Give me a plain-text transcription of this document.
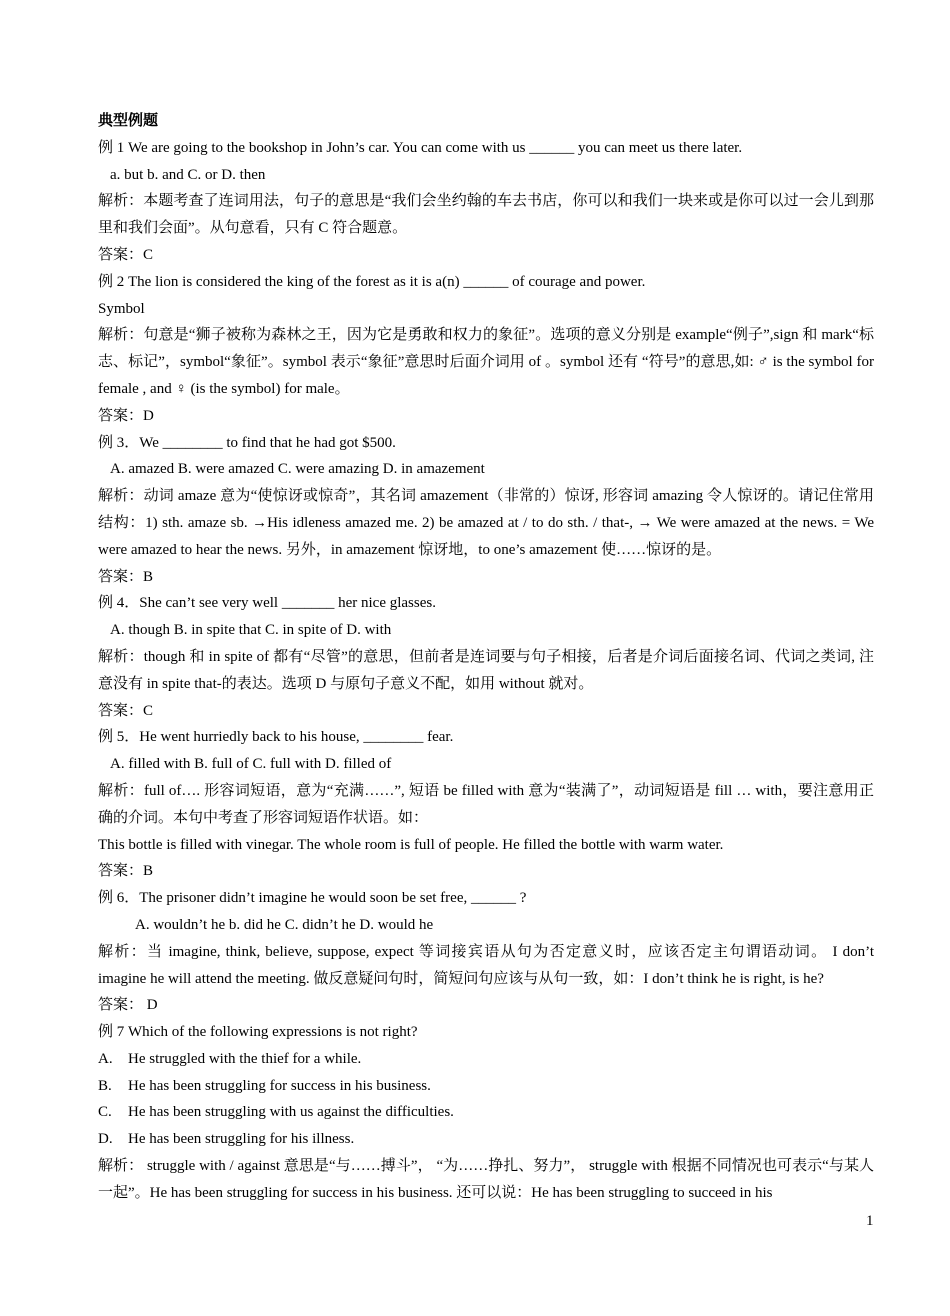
典型例题
例 1 We are going to the bookshop in John’s car. You can come with us ______ you can meet us there later.
a. but b. and C. or D. then
解析：本题考查了连词用法，句子的意思是“我们会坐约翰的车去书店，你可以和我们一块来或是你可以过一会儿到那里和我们会面”。从句意看，只有 C 符合题意。
答案：C
例 2 The lion is considered the king of the forest as it is a(n) ______ of courage and power.
Symbol
解析：句意是“狮子被称为森林之王，因为它是勇敢和权力的象征”。选项的意义分别是 example“例子”,sign 和 mark“标志、标记”，symbol“象征”。symbol 表示“象征”意思时后面介词用 of 。symbol 还有 “符号”的意思,如: ♂ is the symbol for female , and ♀ (is the symbol) for male。
答案：D
例 3．We ________ to find that he had got $500.
A. amazed B. were amazed C. were amazing D. in amazement
解析：动词 amaze 意为“使惊讶或惊奇”，其名词 amazement（非常的）惊讶, 形容词 amazing 令人惊讶的。请记住常用结构：1) sth. amaze sb. →His idleness amazed me. 2) be amazed at / to do sth. / that-, → We were amazed at the news. = We were amazed to hear the news. 另外，in amazement 惊讶地，to one’s amazement 使……惊讶的是。
答案：B
例 4．She can’t see very well _______ her nice glasses.
A. though B. in spite that C. in spite of D. with
解析：though 和 in spite of 都有“尽管”的意思，但前者是连词要与句子相接，后者是介词后面接名词、代词之类词, 注意没有 in spite that-的表达。选项 D 与原句子意义不配，如用 without 就对。
答案：C
例 5．He went hurriedly back to his house, ________ fear.
A. filled with B. full of C. full with D. filled of
解析：full of…. 形容词短语，意为“充满……”, 短语 be filled with 意为“装满了”，动词短语是 fill … with，要注意用正确的介词。本句中考查了形容词短语作状语。如：
This bottle is filled with vinegar. The whole room is full of people. He filled the bottle with warm water.
答案：B
例 6．The prisoner didn’t imagine he would soon be set free, ______ ?
A. wouldn’t he b. did he C. didn’t he D. would he
解析：当 imagine, think, believe, suppose, expect 等词接宾语从句为否定意义时，应该否定主句谓语动词。 I don’t imagine he will attend the meeting. 做反意疑问句时，简短问句应该与从句一致，如：I don’t think he is right, is he?
答案： D
例 7 Which of the following expressions is not right?
A. He struggled with the thief for a while.
B. He has been struggling for success in his business.
C. He has been struggling with us against the difficulties.
D. He has been struggling for his illness.
解析： struggle with / against 意思是“与……搏斗”， “为……挣扎、努力”， struggle with 根据不同情况也可表示“与某人一起”。He has been struggling for success in his business. 还可以说：He has been struggling to succeed in his
1
